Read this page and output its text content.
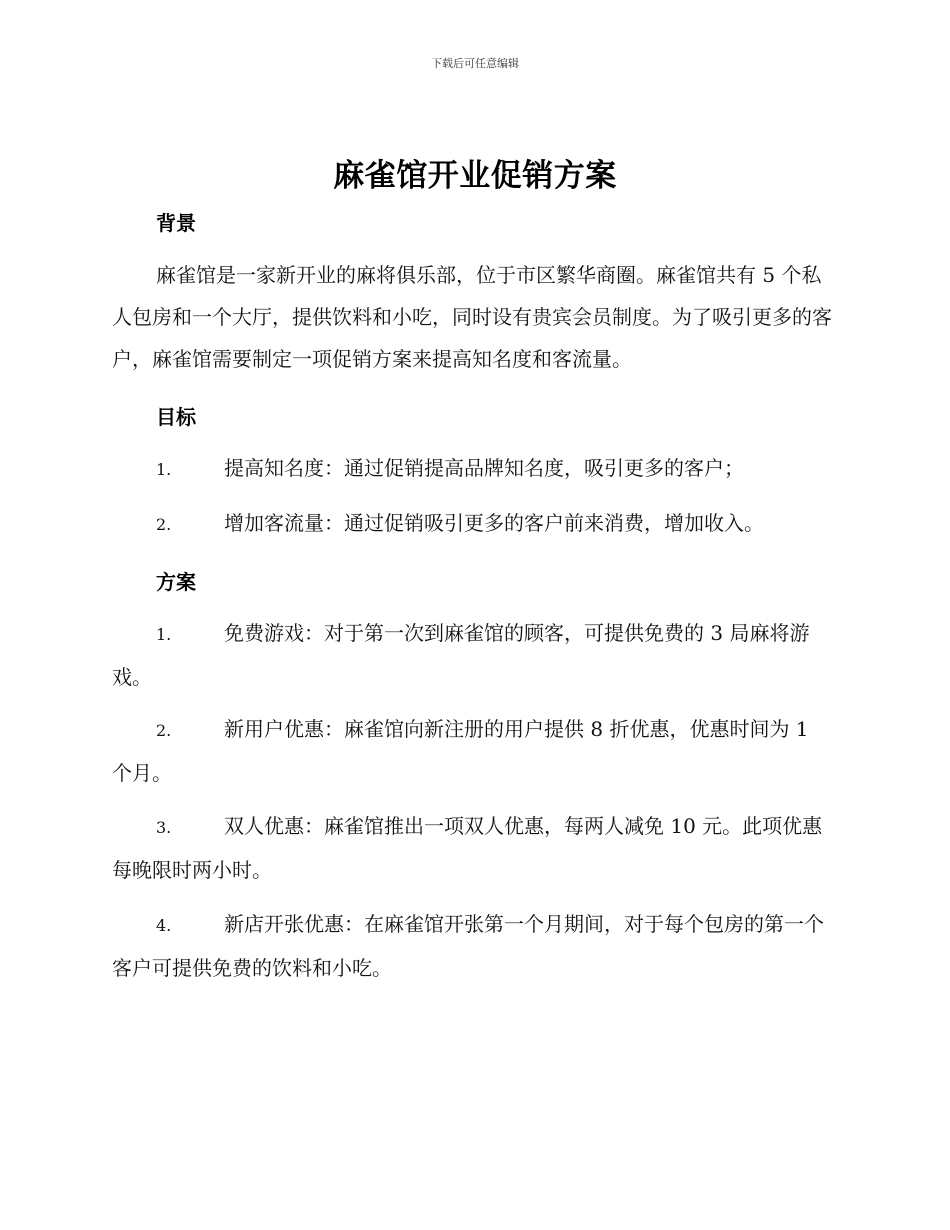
下载后可任意编辑
麻雀馆开业促销方案
背景

麻雀馆是一家新开业的麻将俱乐部，位于市区繁华商圈。麻雀馆共有 5 个私人包房和一个大厅，提供饮料和小吃，同时设有贵宾会员制度。为了吸引更多的客户，麻雀馆需要制定一项促销方案来提高知名度和客流量。

目标

1.	提高知名度：通过促销提高品牌知名度，吸引更多的客户；

2.	增加客流量：通过促销吸引更多的客户前来消费，增加收入。

方案

1.	免费游戏：对于第一次到麻雀馆的顾客，可提供免费的 3 局麻将游戏。

2.	新用户优惠：麻雀馆向新注册的用户提供 8 折优惠，优惠时间为 1 个月。

3.	双人优惠：麻雀馆推出一项双人优惠，每两人减免 10 元。此项优惠每晚限时两小时。

4.	新店开张优惠：在麻雀馆开张第一个月期间，对于每个包房的第一个客户可提供免费的饮料和小吃。
